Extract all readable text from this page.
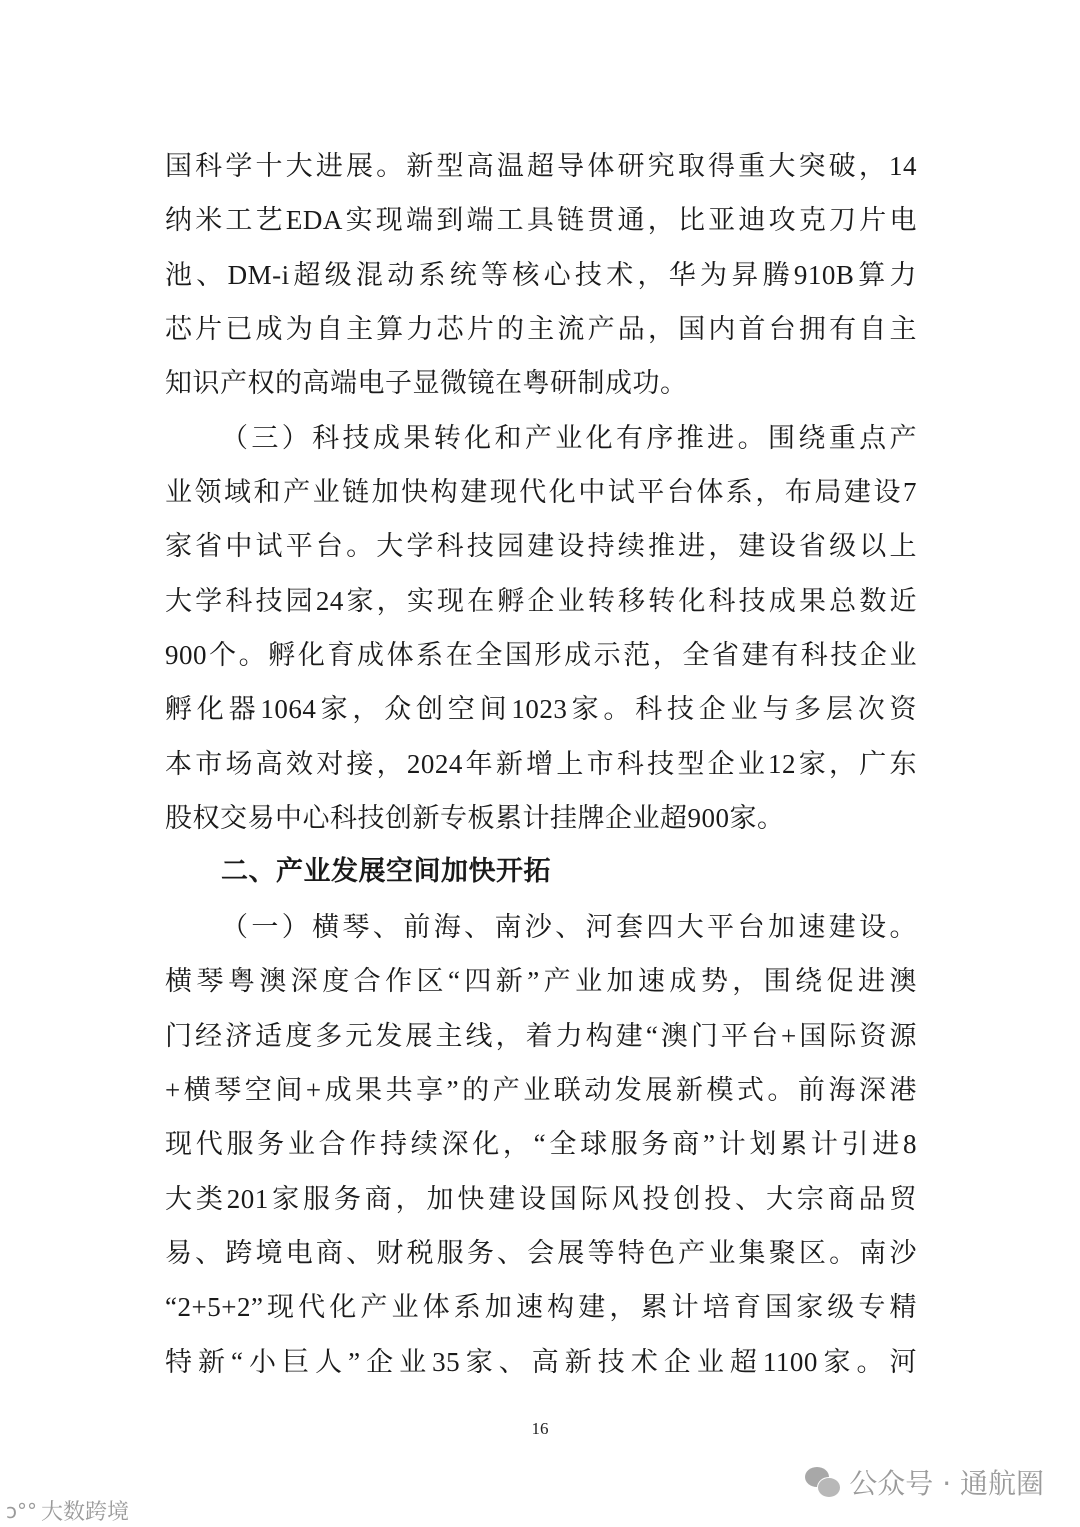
国科学十大进展。新型高温超导体研究取得重大突破，14
纳米工艺EDA实现端到端工具链贯通，比亚迪攻克刀片电
池、DM-i超级混动系统等核心技术，华为昇腾910B算力
芯片已成为自主算力芯片的主流产品，国内首台拥有自主
知识产权的高端电子显微镜在粤研制成功。
（三）科技成果转化和产业化有序推进。围绕重点产
业领域和产业链加快构建现代化中试平台体系，布局建设7
家省中试平台。大学科技园建设持续推进，建设省级以上
大学科技园24家，实现在孵企业转移转化科技成果总数近
900个。孵化育成体系在全国形成示范，全省建有科技企业
孵化器1064家，众创空间1023家。科技企业与多层次资
本市场高效对接，2024年新增上市科技型企业12家，广东
股权交易中心科技创新专板累计挂牌企业超900家。
二、产业发展空间加快开拓
（一）横琴、前海、南沙、河套四大平台加速建设。
横琴粤澳深度合作区“四新”产业加速成势，围绕促进澳
门经济适度多元发展主线，着力构建“澳门平台+国际资源
+横琴空间+成果共享”的产业联动发展新模式。前海深港
现代服务业合作持续深化，“全球服务商”计划累计引进8
大类201家服务商，加快建设国际风投创投、大宗商品贸
易、跨境电商、财税服务、会展等特色产业集聚区。南沙
“2+5+2”现代化产业体系加速构建，累计培育国家级专精
特新“小巨人”企业35家、高新技术企业超1100家。河
16
公众号 · 通航圈
ↄ°° 大数跨境
